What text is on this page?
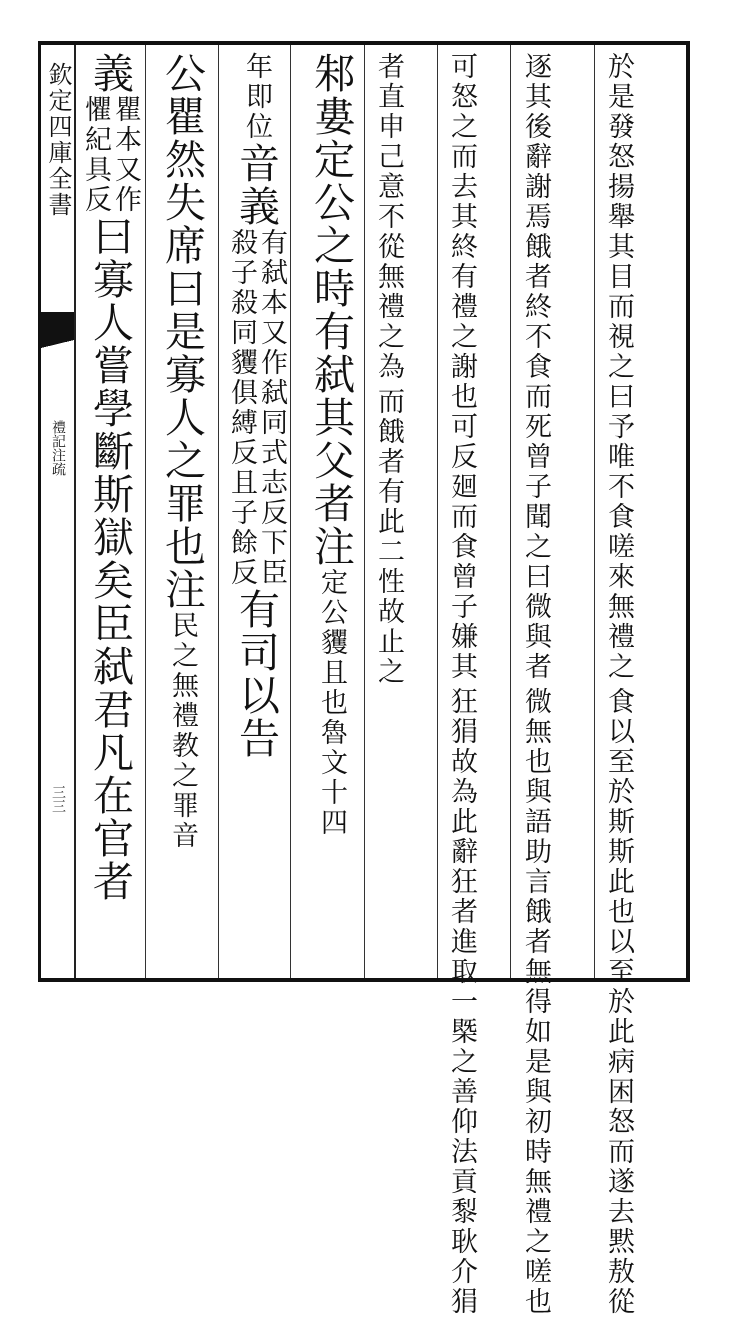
欽定四庫全書
禮記注疏
三三
於是發怒揚舉其目而視之曰予唯不食嗟來無禮之 食以至於斯斯此也以至於此病困怒而遂去黙敖從
逐其後辭謝焉餓者終不食而死曾子聞之曰微與者 微無也與語助言餓者無得如是與初時無禮之嗟也
可怒之而去其終有禮之謝也可反廻而食曾子嫌其 狂狷故為此辭狂者進取一槩之善仰法貢𪏭耿介狷
者直申己意不從無禮之為 而餓者有此二性故止之
邾婁定公之時有弑其父者注定公貜且也魯文十四
年即位音義
有弑本又作弑同式志反下臣
殺子殺同貜俱縛反且子餘反
有司以告
公瞿然失席曰是寡人之罪也注民之無禮教之罪音
義
瞿本又作
懼紀具反
曰寡人嘗學斷斯獄矣臣弑君凡在官者
